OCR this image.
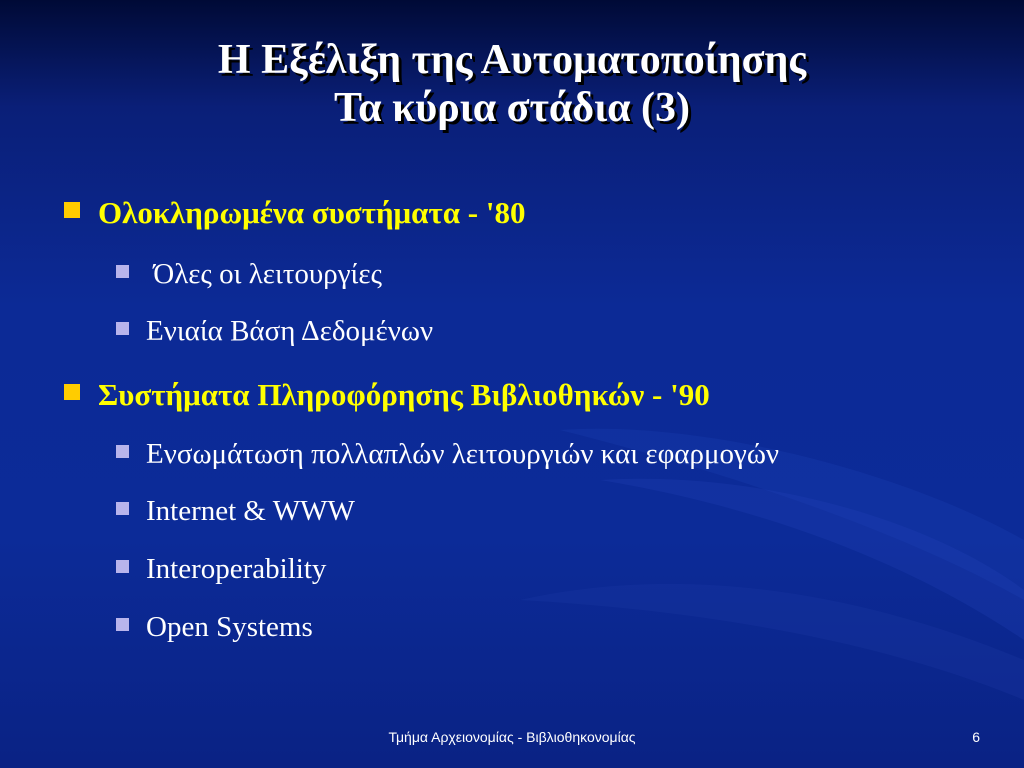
Η Εξέλιξη της Αυτοματοποίησης
Τα κύρια στάδια (3)
Ολοκληρωμένα συστήματα - '80
Όλες οι λειτουργίες
Ενιαία Βάση Δεδομένων
Συστήματα Πληροφόρησης Βιβλιοθηκών - '90
Ενσωμάτωση πολλαπλών λειτουργιών και εφαρμογών
Internet & WWW
Interoperability
Open Systems
Τμήμα Αρχειονομίας - Βιβλιοθηκονομίας	6
